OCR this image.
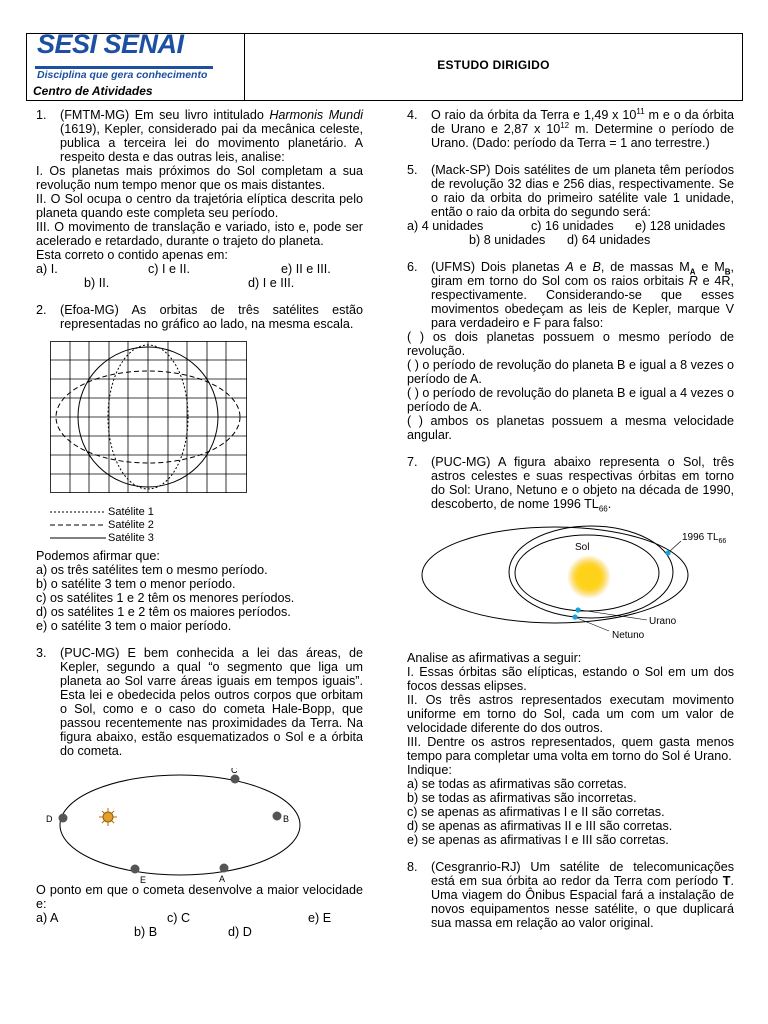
SESI SENAI
Disciplina que gera conhecimento
Centro de Atividades
ESTUDO DIRIGIDO
1.	(FMTM-MG) Em seu livro intitulado Harmonis Mundi (1619), Kepler, considerado pai da mecânica celeste, publica a terceira lei do movimento planetário. A respeito desta e das outras leis, analise:

I. Os planetas mais próximos do Sol completam a sua revolução num tempo menor que os mais distantes.

II. O Sol ocupa o centro da trajetória elíptica descrita pelo planeta quando este completa seu período.

III. O movimento de translação e variado, isto e, pode ser acelerado e retardado, durante o trajeto do planeta.

Esta correto o contido apenas em:

a) I.	c) I e II.	e) II e III.
b) II.	d) I e III.
2.	(Efoa-MG) As orbitas de três satélites estão representadas no gráfico ao lado, na mesma escala.
Satélite 1
Satélite 2
Satélite 3

Podemos afirmar que:

a) os três satélites tem o mesmo período.

b) o satélite 3 tem o menor período.

c) os satélites 1 e 2 têm os menores períodos.

d) os satélites 1 e 2 têm os maiores períodos.

e) o satélite 3 tem o maior período.

3.	(PUC-MG) E bem conhecida a lei das áreas, de Kepler, segundo a qual “o segmento que liga um planeta ao Sol varre áreas iguais em tempos iguais”. Esta lei e obedecida pelos outros corpos que orbitam o Sol, como e o caso do cometa Hale-Bopp, que passou recentemente nas proximidades da Terra. Na figura abaixo, estão esquematizados o Sol e a órbita do cometa.
D
C
B
A
E

O ponto em que o cometa desenvolve a maior velocidade e:

a) A	c) C	e) E
b) B	d) D
4.	O raio da órbita da Terra e 1,49 x $10^{11}$ m e o da órbita de Urano e 2,87 x $10^{12}$ m. Determine o período de Urano. (Dado: período da Terra = 1 ano terrestre.)
5.	(Mack-SP) Dois satélites de um planeta têm períodos de revolução 32 dias e 256 dias, respectivamente. Se o raio da orbita do primeiro satélite vale 1 unidade, então o raio da orbita do segundo será:
a) 4 unidades	c) 16 unidades	e) 128 unidades
b) 8 unidades	d) 64 unidades
6.	(UFMS) Dois planetas A e B, de massas $M_A$ e $M_B$, giram em torno do Sol com os raios orbitais R e 4R, respectivamente. Considerando-se que esses movimentos obedeçam as leis de Kepler, marque V para verdadeiro e F para falso:

( ) os dois planetas possuem o mesmo período de revolução.

( ) o período de revolução do planeta B e igual a 8 vezes o período de A.

( ) o período de revolução do planeta B e igual a 4 vezes o período de A.

( ) ambos os planetas possuem a mesma velocidade angular.

7.	(PUC-MG) A figura abaixo representa o Sol, três astros celestes e suas respectivas órbitas em torno do Sol: Urano, Netuno e o objeto na década de 1990, descoberto, de nome 1996 $TL_{66}$.
Sol
1996 $TL_{66}$
Urano
Netuno

Analise as afirmativas a seguir:

I. Essas órbitas são elípticas, estando o Sol em um dos focos dessas elipses.

II. Os três astros representados executam movimento uniforme em torno do Sol, cada um com um valor de velocidade diferente do dos outros.

III. Dentre os astros representados, quem gasta menos tempo para completar uma volta em torno do Sol é Urano.

Indique:

a) se todas as afirmativas são corretas.

b) se todas as afirmativas são incorretas.

c) se apenas as afirmativas I e II são corretas.

d) se apenas as afirmativas II e III são corretas.

e) se apenas as afirmativas I e III são corretas.

8.	(Cesgranrio-RJ) Um satélite de telecomunicações está em sua órbita ao redor da Terra com período T. Uma viagem do Ônibus Espacial fará a instalação de novos equipamentos nesse satélite, o que duplicará sua massa em relação ao valor original.
